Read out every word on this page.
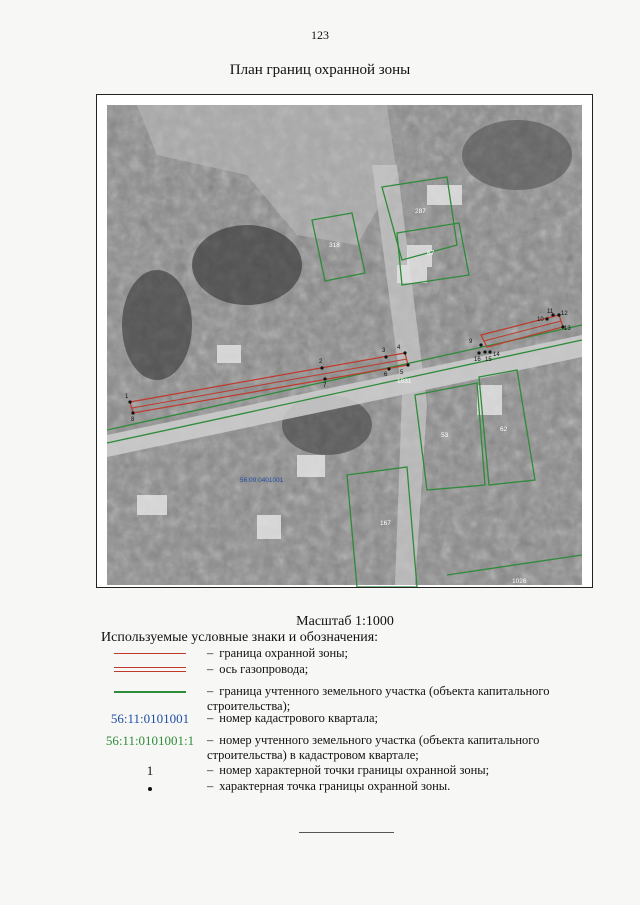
123
План границ охранной зоны
1
2
3 4
5
6
7
8
9
10
11 12
13
14
15
16
287
318
67
1031
53
62
167
1026
56:09:0401001
Масштаб 1:1000
Используемые условные знаки и обозначения:
– граница охранной зоны;
– ось газопровода;
– граница учтенного земельного участка (объекта капитального строительства);
56:11:0101001	– номер кадастрового квартала;
56:11:0101001:1	– номер учтенного земельного участка (объекта капитального строительства) в кадастровом квартале;
1	– номер характерной точки границы охранной зоны;
– характерная точка границы охранной зоны.
